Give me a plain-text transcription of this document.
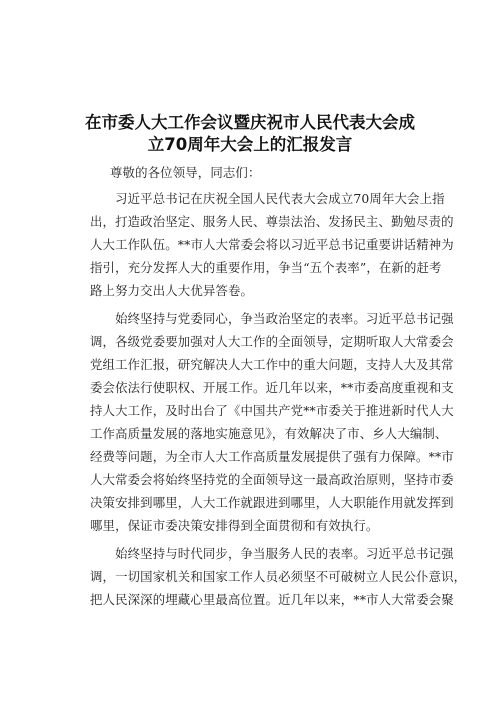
在市委人大工作会议暨庆祝市人民代表大会成
立70周年大会上的汇报发言
尊敬的各位领导，同志们：
　　习近平总书记在庆祝全国人民代表大会成立70周年大会上指
出，打造政治坚定、服务人民、尊崇法治、发扬民主、勤勉尽责的
人大工作队伍。**市人大常委会将以习近平总书记重要讲话精神为
指引，充分发挥人大的重要作用，争当“五个表率”，在新的赶考
路上努力交出人大优异答卷。
　　始终坚持与党委同心，争当政治坚定的表率。习近平总书记强
调，各级党委要加强对人大工作的全面领导，定期听取人大常委会
党组工作汇报，研究解决人大工作中的重大问题，支持人大及其常
委会依法行使职权、开展工作。近几年以来，**市委高度重视和支
持人大工作，及时出台了《中国共产党**市委关于推进新时代人大
工作高质量发展的落地实施意见》，有效解决了市、乡人大编制、
经费等问题，为全市人大工作高质量发展提供了强有力保障。**市
人大常委会将始终坚持党的全面领导这一最高政治原则，坚持市委
决策安排到哪里，人大工作就跟进到哪里，人大职能作用就发挥到
哪里，保证市委决策安排得到全面贯彻和有效执行。
　　始终坚持与时代同步，争当服务人民的表率。习近平总书记强
调，一切国家机关和国家工作人员必须坚不可破树立人民公仆意识，
把人民深深的埋藏心里最高位置。近几年以来，**市人大常委会聚
